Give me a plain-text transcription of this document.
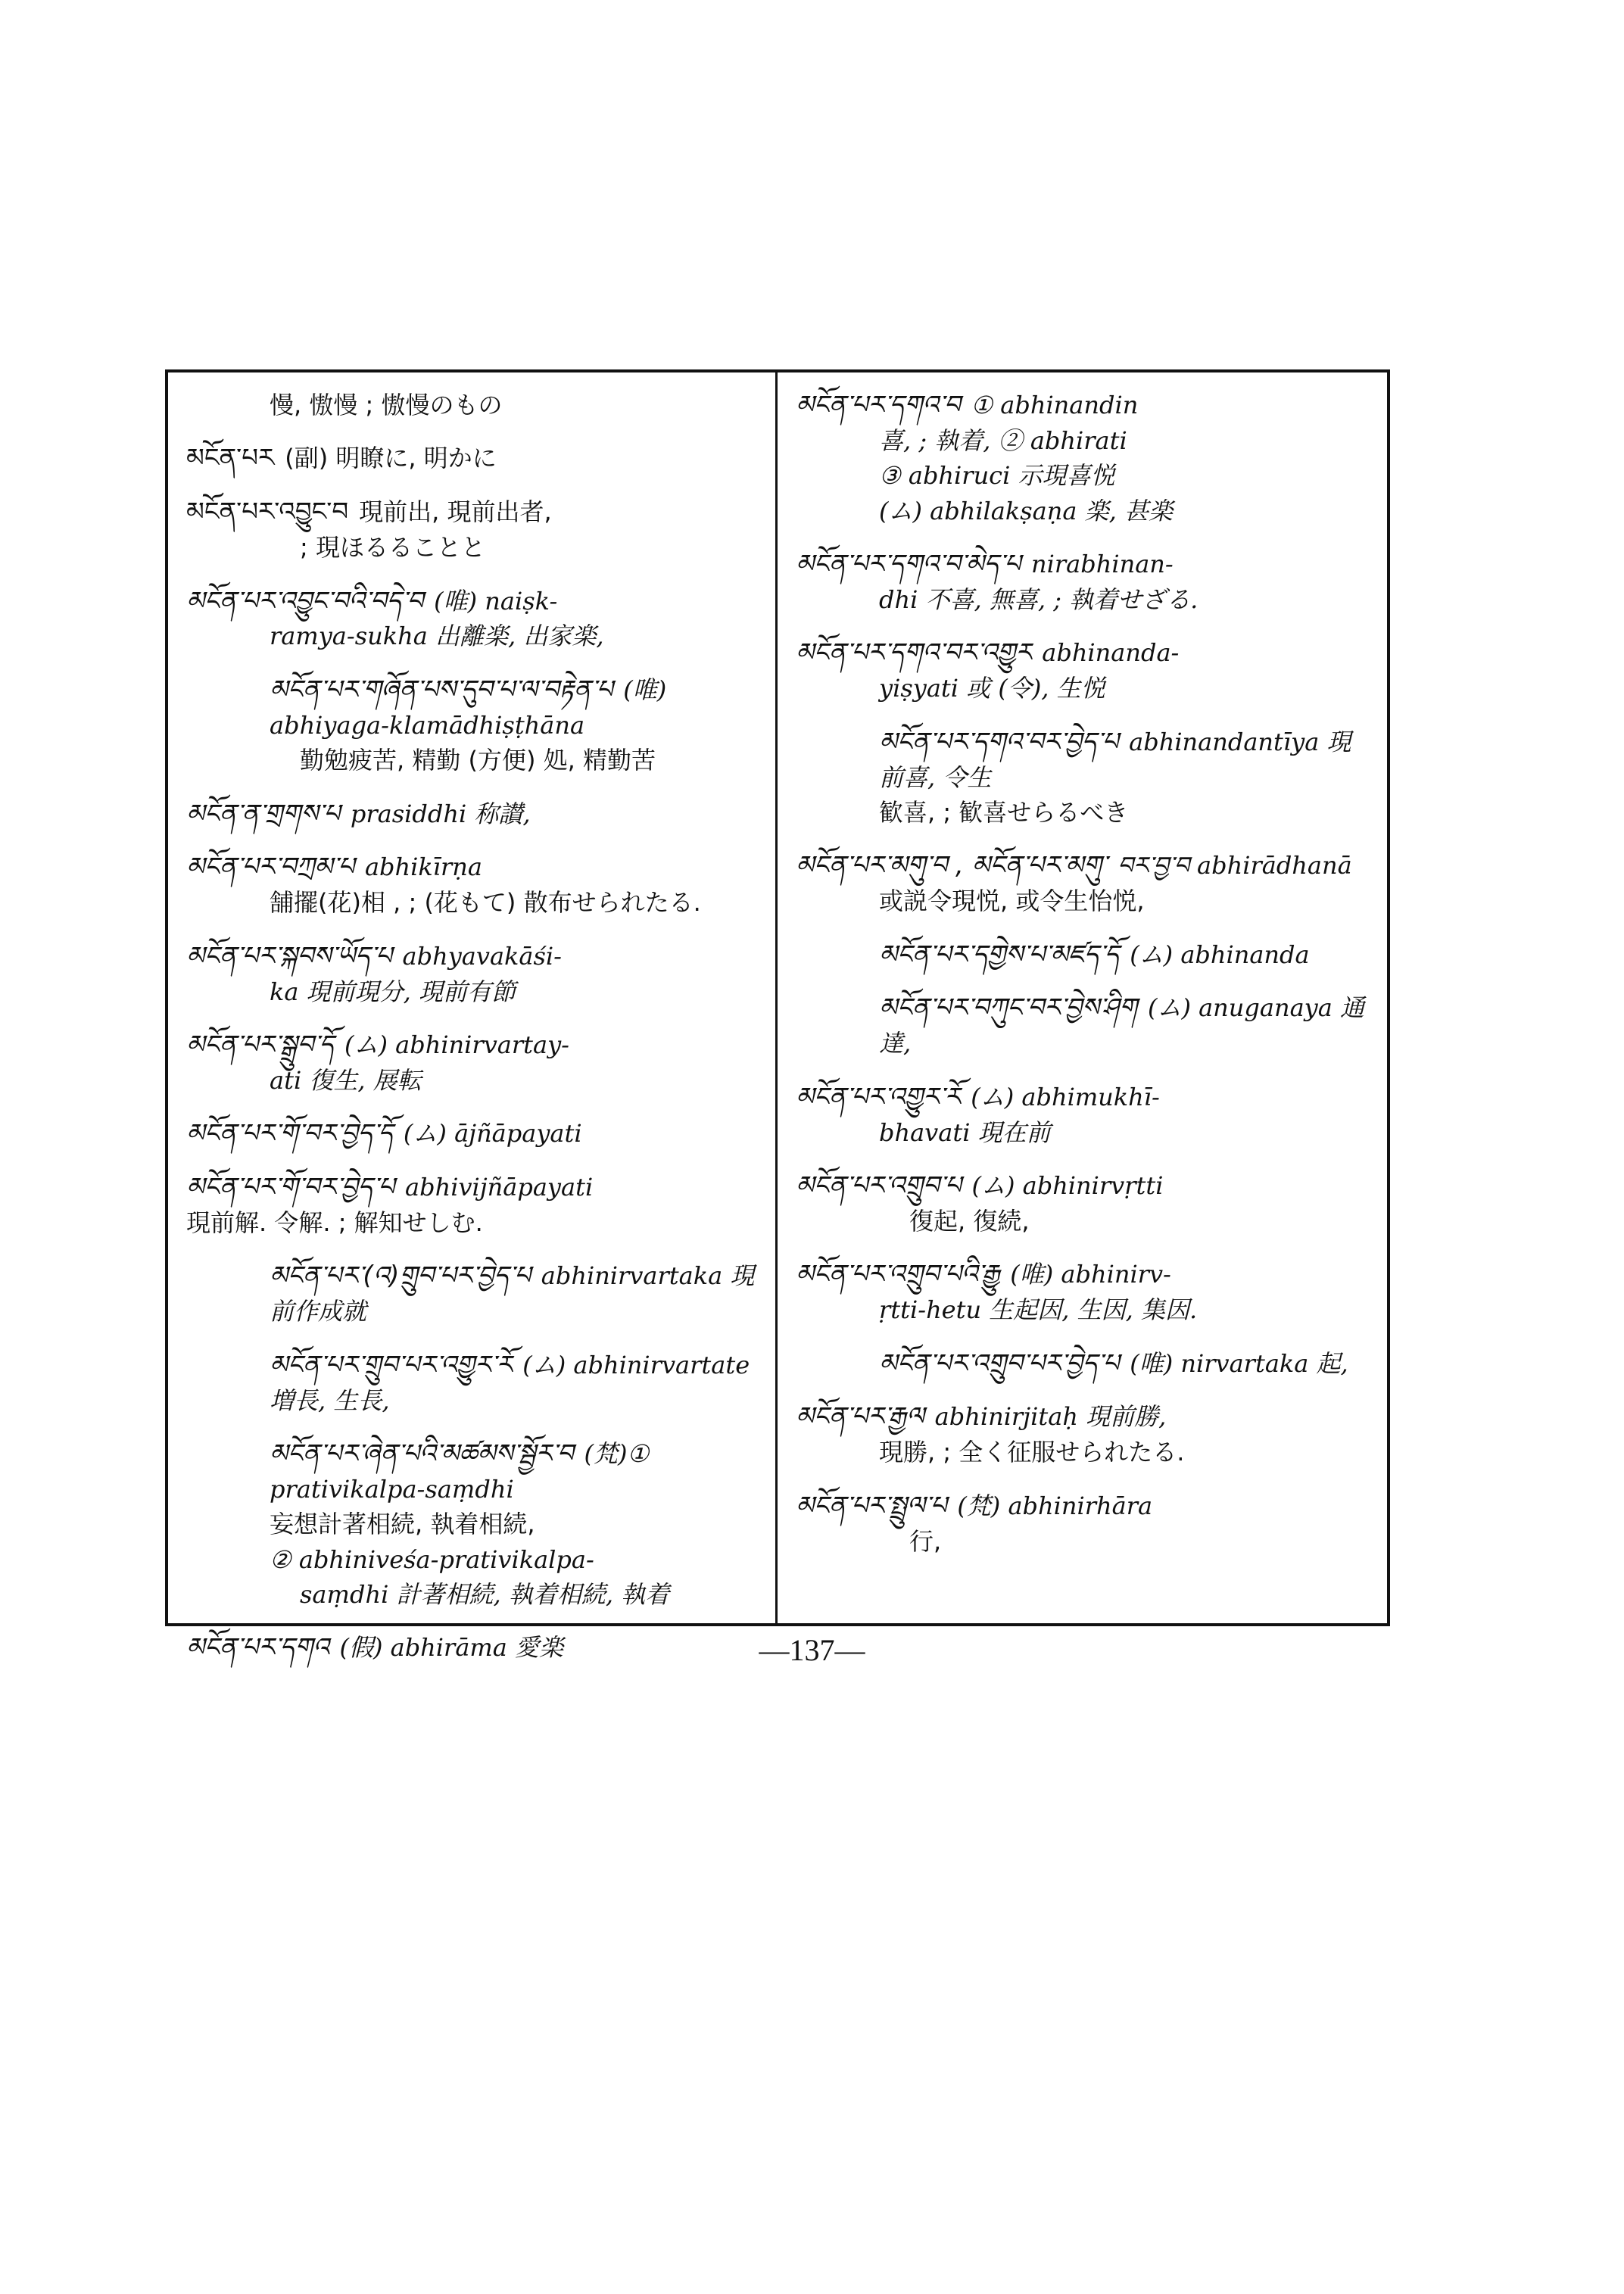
慢, 慠慢 ; 慠慢のもの
མངོན་པར (副) 明瞭に, 明かに
མངོན་པར་འབྱུང་བ 現前出, 現前出者,
; 現ほるることと
མངོན་པར་འབྱུང་བའི་བདེ་བ (唯) naiṣk-
ramya-sukha 出離楽, 出家楽,
མངོན་པར་གཞོན་པས་དུབ་པ་ལ་བརྟེན་པ (唯) abhiyaga-klamādhiṣṭhāna
勤勉疲苦, 精勤 (方便) 処, 精勤苦
མངོན་ན་གྲགས་པ prasiddhi 称讃,
མངོན་པར་བཀྲམ་པ abhikīrṇa
舗擺(花)相 , ; (花もて) 散布せられたる.
མངོན་པར་སྐབས་ཡོད་པ abhyavakāśi-
ka 現前現分, 現前有節
མངོན་པར་སྒྲུབ་དོ (ム) abhinirvartay-
ati 復生, 展転
མངོན་པར་གོ་བར་བྱེད་དོ (ム) ājñāpayati
མངོན་པར་གོ་བར་བྱེད་པ abhivijñāpayati
現前解. 令解. ; 解知せしむ.
མངོན་པར་(འ)གྲུབ་པར་བྱེད་པ abhinirvartaka 現前作成就
མངོན་པར་གྲུབ་པར་འགྱུར་རོ (ム) abhinirvartate 増長, 生長,
མངོན་པར་ཞེན་པའི་མཚམས་སྦྱོར་བ (梵)① prativikalpa-saṃdhi
妄想計著相続, 執着相続,
② abhiniveśa-prativikalpa-
saṃdhi 計著相続, 執着相続, 執着
མངོན་པར་དགའ (假) abhirāma 愛楽
མངོན་པར་དགའ་བ ① abhinandin
喜, ; 執着, ② abhirati
③ abhiruci 示現喜悦
(ム) abhilakṣaṇa 楽, 甚楽
མངོན་པར་དགའ་བ་མེད་པ nirabhinan-
dhi 不喜, 無喜, ; 執着せざる.
མངོན་པར་དགའ་བར་འགྱུར abhinanda-
yiṣyati 或 (令), 生悦
མངོན་པར་དགའ་བར་བྱེད་པ abhinandantīya 現前喜, 令生
歓喜, ; 歓喜せらるべき
མངོན་པར་མགུ་བ , མངོན་པར་མགུ་ བར་བྱ་བ abhirādhanā
或説令現悦, 或令生怡悦,
མངོན་པར་དགྱེས་པ་མཛད་དོ (ム) abhinanda
མངོན་པར་བཀུང་བར་བྱེས་ཤིག (ム) anuganaya 通達,
མངོན་པར་འགྱུར་རོ (ム) abhimukhī-
bhavati 現在前
མངོན་པར་འགྲུབ་པ (ム) abhinirvṛtti
復起, 復続,
མངོན་པར་འགྲུབ་པའི་རྒྱུ (唯) abhinirv-
ṛtti-hetu 生起因, 生因, 集因.
མངོན་པར་འགྲུབ་པར་བྱེད་པ (唯) nirvartaka 起,
མངོན་པར་རྒྱལ abhinirjitaḥ 現前勝,
現勝, ; 全く征服せられたる.
མངོན་པར་སྤྲུལ་པ (梵) abhinirhāra
行,
—137—
